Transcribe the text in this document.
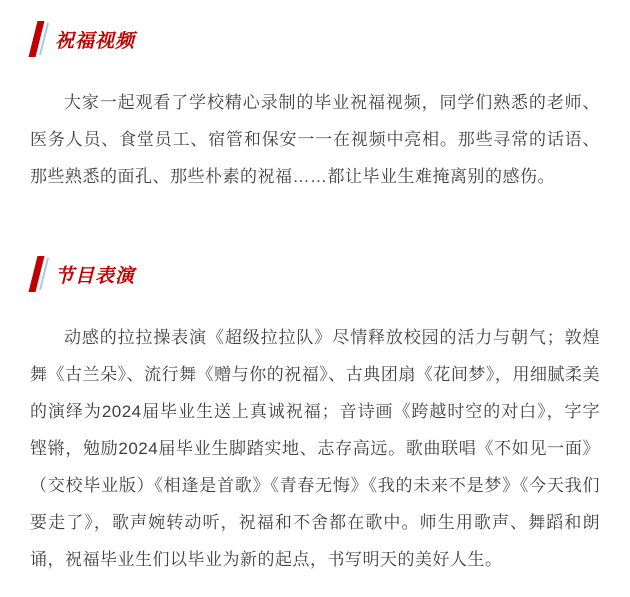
祝福视频

大家一起观看了学校精心录制的毕业祝福视频，同学们熟悉的老师、医务人员、食堂员工、宿管和保安一一在视频中亮相。那些寻常的话语、那些熟悉的面孔、那些朴素的祝福……都让毕业生难掩离别的感伤。

节目表演

动感的拉拉操表演《超级拉拉队》尽情释放校园的活力与朝气；敦煌舞《古兰朵》、流行舞《赠与你的祝福》、古典团扇《花间梦》，用细腻柔美的演绎为2024届毕业生送上真诚祝福；音诗画《跨越时空的对白》，字字铿锵，勉励2024届毕业生脚踏实地、志存高远。歌曲联唱《不如见一面》（交校毕业版）《相逢是首歌》《青春无悔》《我的未来不是梦》《今天我们要走了》，歌声婉转动听，祝福和不舍都在歌中。师生用歌声、舞蹈和朗诵，祝福毕业生们以毕业为新的起点，书写明天的美好人生。
